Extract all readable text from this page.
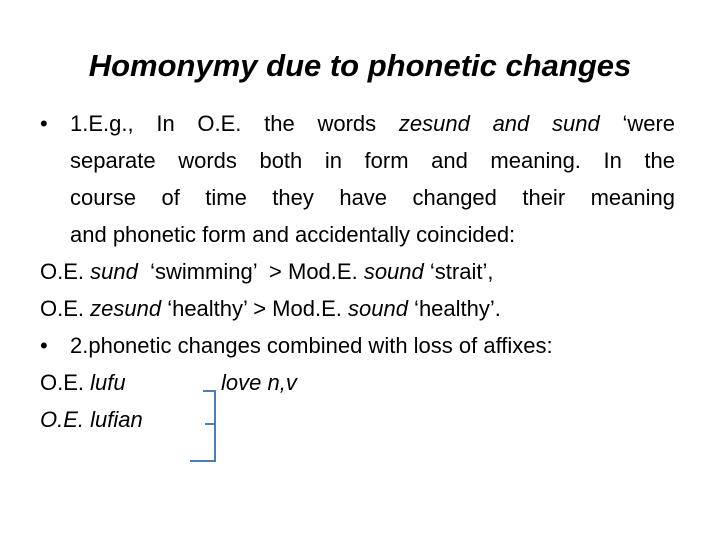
Homonymy due to phonetic changes
• 1.E.g., In O.E. the words zesund and sund ‘were
separate words both in form and meaning. In the
course of time they have changed their meaning
and phonetic form and accidentally coincided:
O.E. sund  ‘swimming’  > Mod.E. sound ‘strait’,
O.E. zesund ‘healthy’ > Mod.E. sound ‘healthy’.
• 2.phonetic changes combined with loss of affixes:
O.E. lufu	love n,v
O.E. lufian
